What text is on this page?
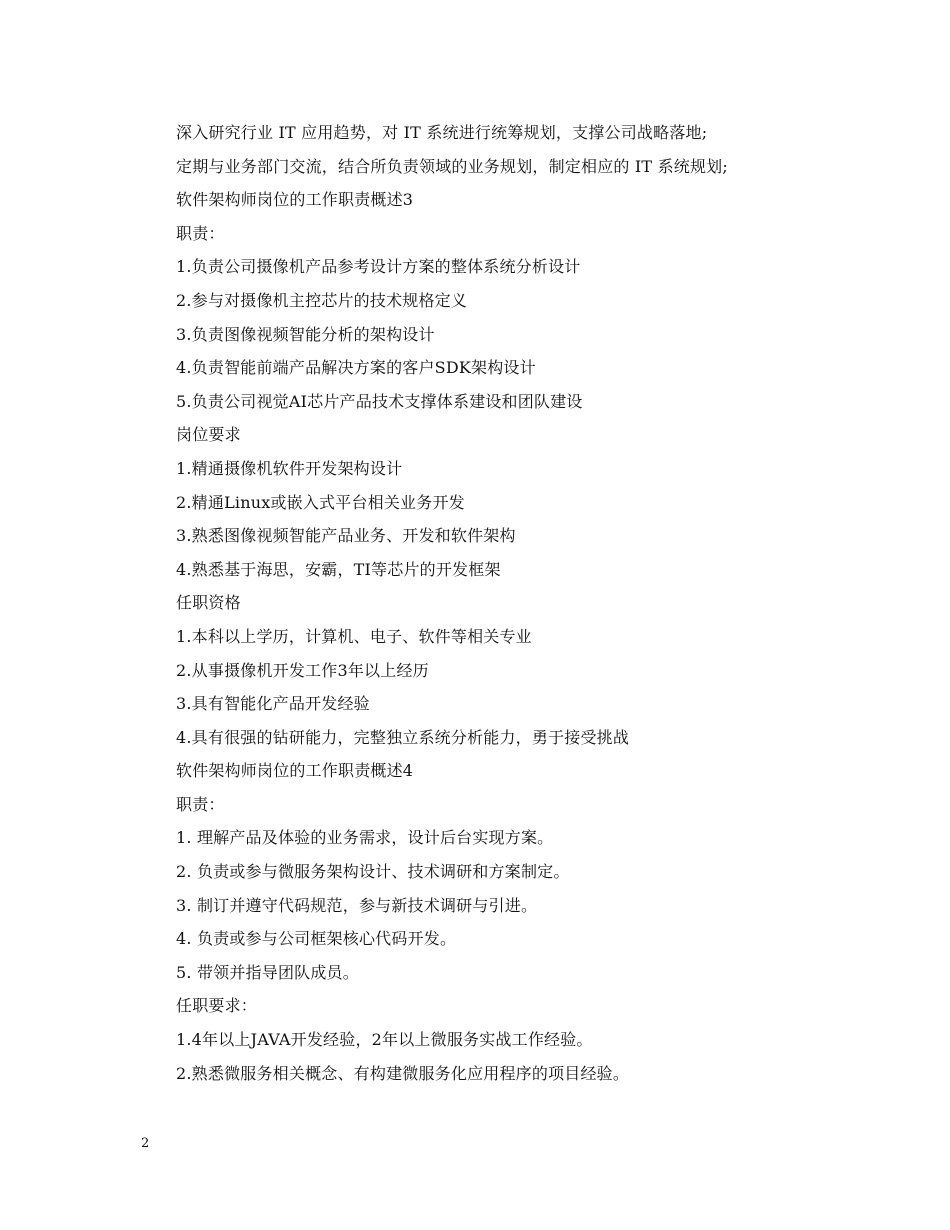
深入研究行业 IT 应用趋势，对 IT 系统进行统筹规划，支撑公司战略落地;
定期与业务部门交流，结合所负责领域的业务规划，制定相应的 IT 系统规划;
软件架构师岗位的工作职责概述3
职责：
1.负责公司摄像机产品参考设计方案的整体系统分析设计
2.参与对摄像机主控芯片的技术规格定义
3.负责图像视频智能分析的架构设计
4.负责智能前端产品解决方案的客户SDK架构设计
5.负责公司视觉AI芯片产品技术支撑体系建设和团队建设
岗位要求
1.精通摄像机软件开发架构设计
2.精通Linux或嵌入式平台相关业务开发
3.熟悉图像视频智能产品业务、开发和软件架构
4.熟悉基于海思，安霸，TI等芯片的开发框架
任职资格
1.本科以上学历，计算机、电子、软件等相关专业
2.从事摄像机开发工作3年以上经历
3.具有智能化产品开发经验
4.具有很强的钻研能力，完整独立系统分析能力，勇于接受挑战
软件架构师岗位的工作职责概述4
职责：
1. 理解产品及体验的业务需求，设计后台实现方案。
2. 负责或参与微服务架构设计、技术调研和方案制定。
3. 制订并遵守代码规范，参与新技术调研与引进。
4. 负责或参与公司框架核心代码开发。
5. 带领并指导团队成员。
任职要求：
1.4年以上JAVA开发经验，2年以上微服务实战工作经验。
2.熟悉微服务相关概念、有构建微服务化应用程序的项目经验。
2
